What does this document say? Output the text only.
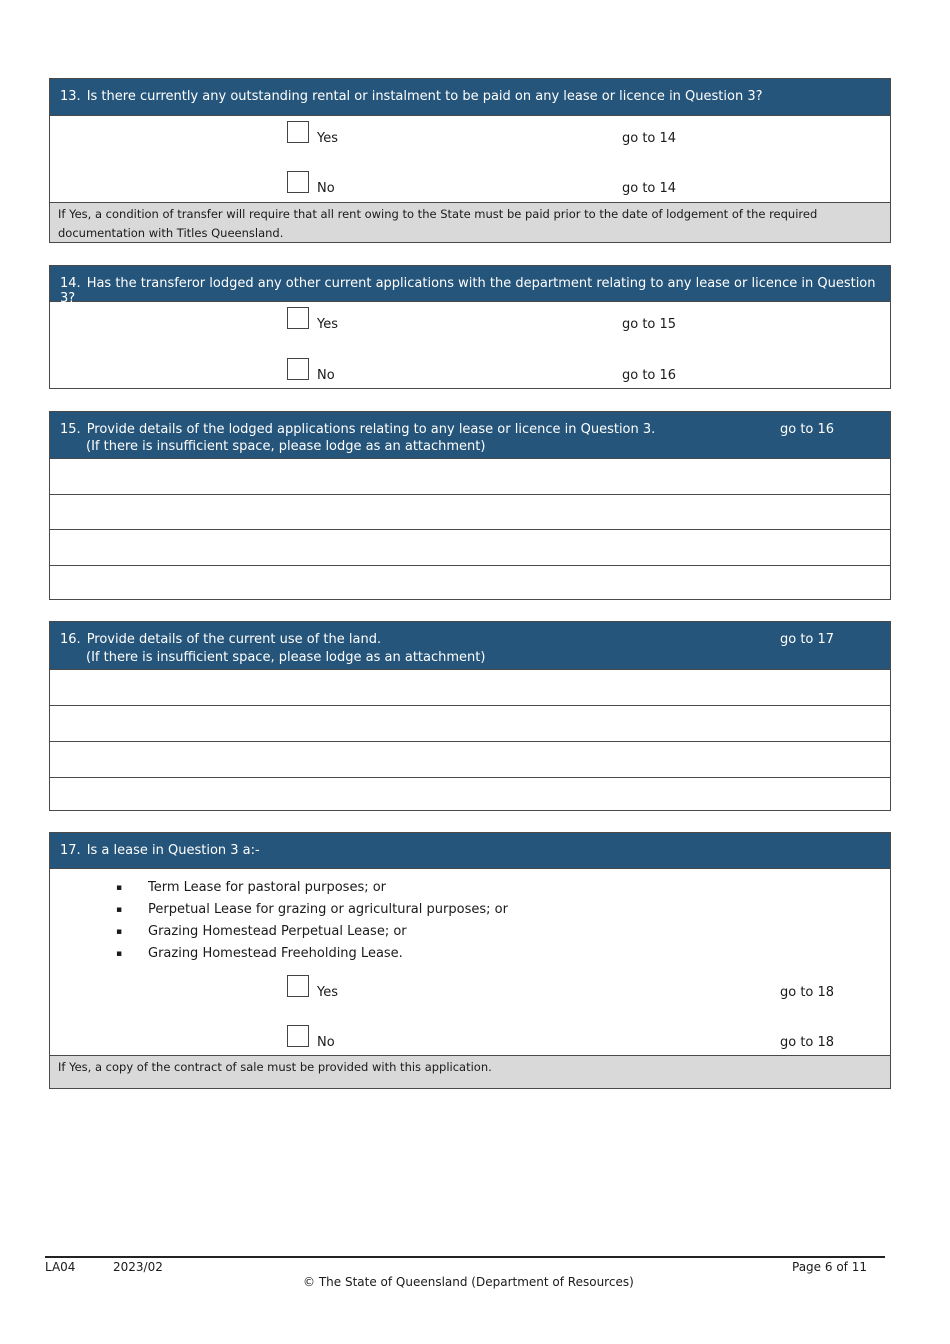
13. Is there currently any outstanding rental or instalment to be paid on any lease or licence in Question 3?
Yes	go to 14
No	go to 14
If Yes, a condition of transfer will require that all rent owing to the State must be paid prior to the date of lodgement of the required documentation with Titles Queensland.
14. Has the transferor lodged any other current applications with the department relating to any lease or licence in Question 3?
Yes	go to 15
No	go to 16
15. Provide details of the lodged applications relating to any lease or licence in Question 3.	go to 16
(If there is insufficient space, please lodge as an attachment)
16. Provide details of the current use of the land.	go to 17
(If there is insufficient space, please lodge as an attachment)
17. Is a lease in Question 3 a:-
▪ Term Lease for pastoral purposes; or
▪ Perpetual Lease for grazing or agricultural purposes; or
▪ Grazing Homestead Perpetual Lease; or
▪ Grazing Homestead Freeholding Lease.
Yes	go to 18
No	go to 18
If Yes, a copy of the contract of sale must be provided with this application.
LA04	2023/02	Page 6 of 11
© The State of Queensland (Department of Resources)
